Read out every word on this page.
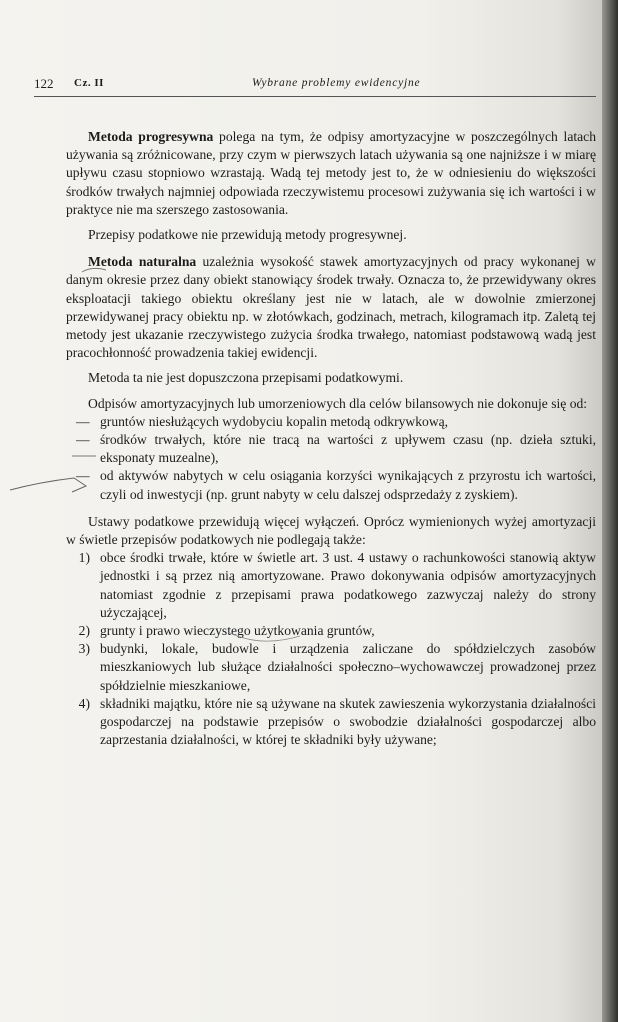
122 Cz. II	Wybrane problemy ewidencyjne

Metoda progresywna polega na tym, że odpisy amortyzacyjne w poszczególnych latach używania są zróżnicowane, przy czym w pierwszych latach używania są one najniższe i w miarę upływu czasu stopniowo wzrastają. Wadą tej metody jest to, że w odniesieniu do większości środków trwałych najmniej odpowiada rzeczywistemu procesowi zużywania się ich wartości i w praktyce nie ma szerszego zastosowania.

Przepisy podatkowe nie przewidują metody progresywnej.

Metoda naturalna uzależnia wysokość stawek amortyzacyjnych od pracy wykonanej w danym okresie przez dany obiekt stanowiący środek trwały. Oznacza to, że przewidywany okres eksploatacji takiego obiektu określany jest nie w latach, ale w dowolnie zmierzonej przewidywanej pracy obiektu np. w złotówkach, godzinach, metrach, kilogramach itp. Zaletą tej metody jest ukazanie rzeczywistego zużycia środka trwałego, natomiast podstawową wadą jest pracochłonność prowadzenia takiej ewidencji.

Metoda ta nie jest dopuszczona przepisami podatkowymi.

Odpisów amortyzacyjnych lub umorzeniowych dla celów bilansowych nie dokonuje się od:

— gruntów niesłużących wydobyciu kopalin metodą odkrywkową,
— środków trwałych, które nie tracą na wartości z upływem czasu (np. dzieła sztuki, eksponaty muzealne),
— od aktywów nabytych w celu osiągania korzyści wynikających z przyrostu ich wartości, czyli od inwestycji (np. grunt nabyty w celu dalszej odsprzedaży z zyskiem).

Ustawy podatkowe przewidują więcej wyłączeń. Oprócz wymienionych wyżej amortyzacji w świetle przepisów podatkowych nie podlegają także:

1) obce środki trwałe, które w świetle art. 3 ust. 4 ustawy o rachunkowości stanowią aktyw jednostki i są przez nią amortyzowane. Prawo dokonywania odpisów amortyzacyjnych natomiast zgodnie z przepisami prawa podatkowego zazwyczaj należy do strony użyczającej,
2) grunty i prawo wieczystego użytkowania gruntów,
3) budynki, lokale, budowle i urządzenia zaliczane do spółdzielczych zasobów mieszkaniowych lub służące działalności społeczno–wychowawczej prowadzonej przez spółdzielnie mieszkaniowe,
4) składniki majątku, które nie są używane na skutek zawieszenia wykorzystania działalności gospodarczej na podstawie przepisów o swobodzie działalności gospodarczej albo zaprzestania działalności, w której te składniki były używane;
